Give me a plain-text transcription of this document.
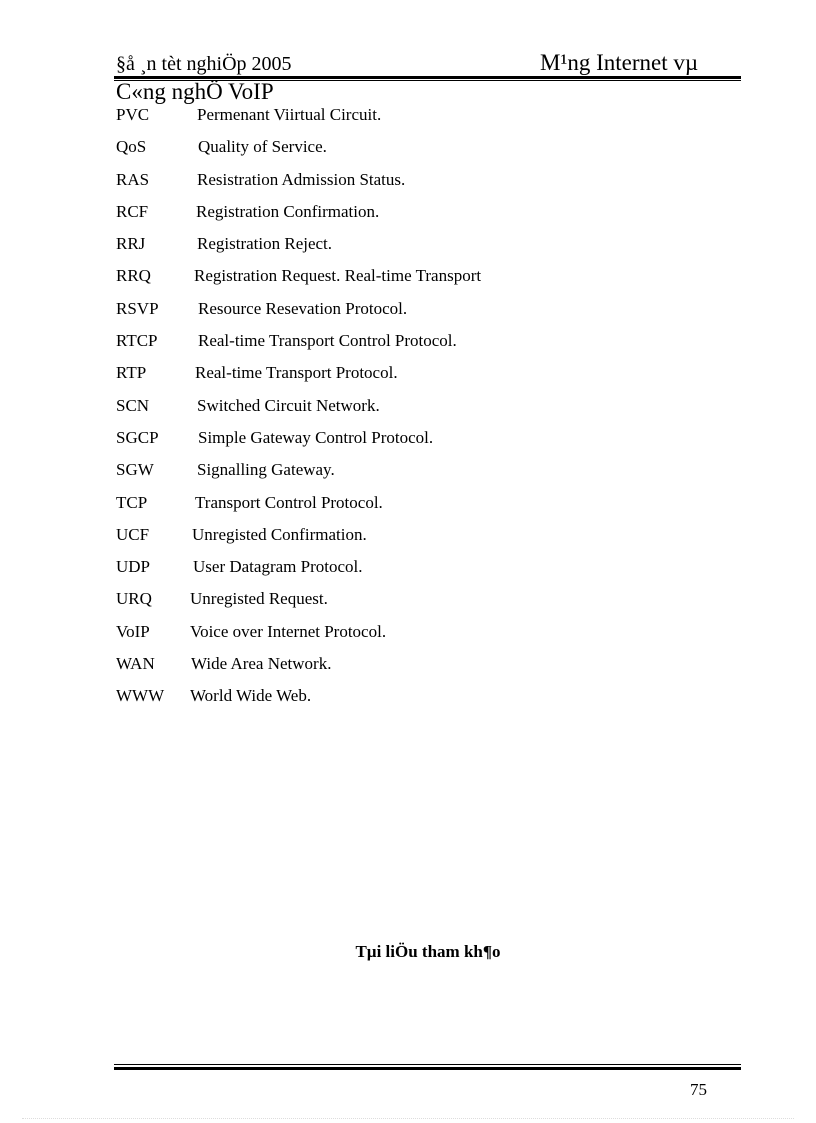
§å ¸n tèt nghiÖp 2005	M¹ng Internet vµ
C«ng nghÖ VoIP
PVC	Permenant Viirtual Circuit.
QoS	Quality of Service.
RAS	Resistration Admission Status.
RCF	Registration Confirmation.
RRJ	Registration Reject.
RRQ	Registration Request. Real-time Transport
RSVP Resource Resevation Protocol.
RTCP Real-time Transport Control Protocol.
RTP	Real-time Transport Protocol.
SCN	Switched Circuit Network.
SGCP Simple Gateway Control Protocol.
SGW	Signalling Gateway.
TCP	Transport Control Protocol.
UCF	Unregisted Confirmation.
UDP	User Datagram Protocol.
URQ Unregisted Request.
VoIP Voice over Internet Protocol.
WAN Wide Area Network.
WWW World Wide Web.
Tµi liÖu tham kh¶o
75
